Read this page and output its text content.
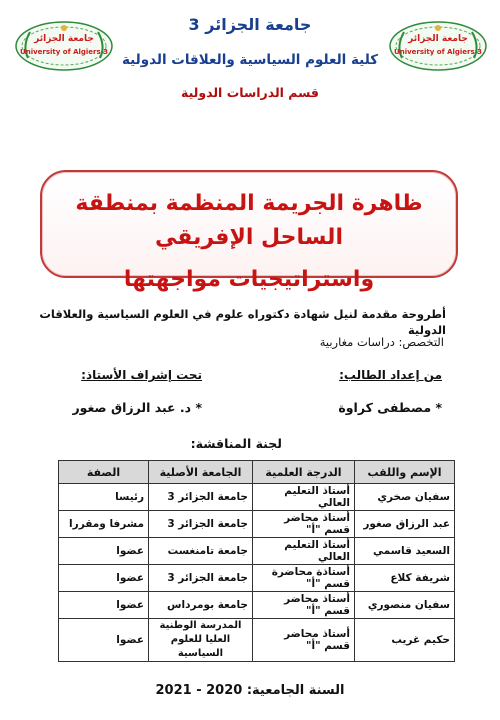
جامعة الجزائر
University of Algiers 3
جامعة الجزائر
University of Algiers 3
جامعة الجزائر 3
كلية العلوم السياسية والعلاقات الدولية
قسم الدراسات الدولية
ظاهرة الجريمة المنظمة بمنطقة الساحل الإفريقي
واستراتيجيات مواجهتها
أطروحة مقدمة لنيل شهادة دكتوراه علوم في العلوم السياسية والعلاقات الدولية
التخصص: دراسات مغاربية
من إعداد الطالب:
تحت إشراف الأستاذ:
* مصطفى كراوة
* د. عبد الرزاق صغور
لجنة المناقشة:
الإسم واللقب	الدرجة العلمية	الجامعة الأصلية	الصفة
سفيان صخري	أستاذ التعليم العالي	جامعة الجزائر 3	رئيسا
عبد الرزاق صغور	أستاذ محاضر قسم "أ"	جامعة الجزائر 3	مشرفا ومقررا
السعيد قاسمي	أستاذ التعليم العالي	جامعة تامنغست	عضوا
شريفة كلاع	أستاذة محاضرة قسم "أ"	جامعة الجزائر 3	عضوا
سفيان منصوري	أستاذ محاضر قسم "أ"	جامعة بومرداس	عضوا
حكيم غريب	أستاذ محاضر قسم "أ"	المدرسة الوطنية العليا للعلوم السياسية	عضوا
السنة الجامعية: 2020 - 2021
